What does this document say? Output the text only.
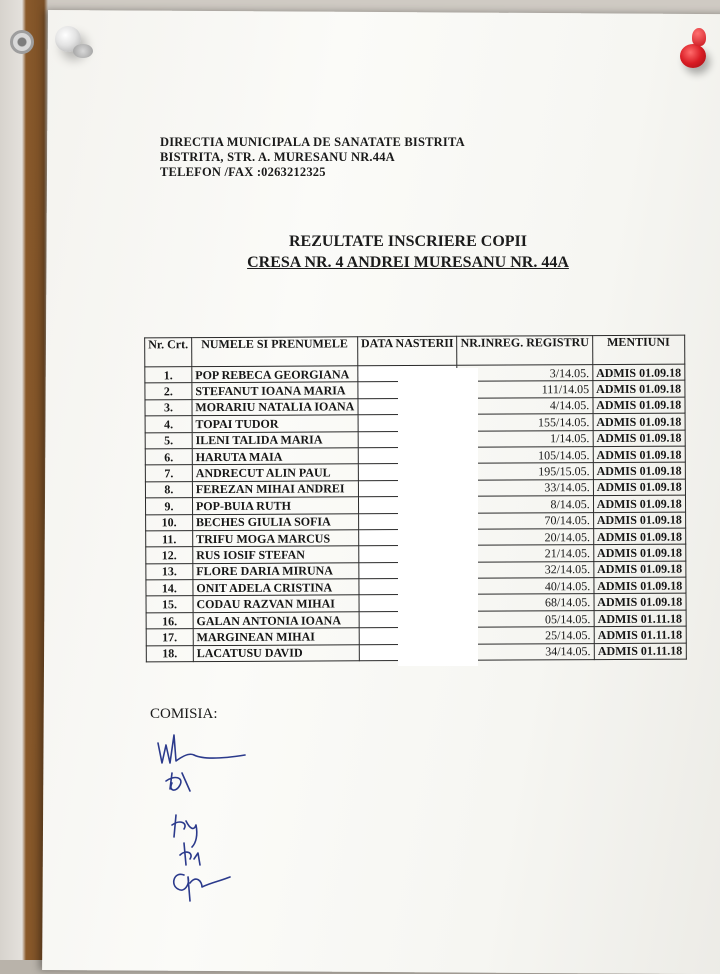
DIRECTIA MUNICIPALA DE SANATATE BISTRITA
BISTRITA, STR. A. MURESANU NR.44A
TELEFON /FAX :0263212325
REZULTATE INSCRIERE COPII
CRESA NR. 4 ANDREI MURESANU NR. 44A
Nr. Crt.	NUMELE SI PRENUMELE	DATA NASTERII	NR.INREG. REGISTRU	MENTIUNI
1.	POP REBECA GEORGIANA		3/14.05.	ADMIS 01.09.18
2.	STEFANUT IOANA MARIA		111/14.05	ADMIS 01.09.18
3.	MORARIU NATALIA IOANA		4/14.05.	ADMIS 01.09.18
4.	TOPAI TUDOR		155/14.05.	ADMIS 01.09.18
5.	ILENI TALIDA MARIA		1/14.05.	ADMIS 01.09.18
6.	HARUTA MAIA		105/14.05.	ADMIS 01.09.18
7.	ANDRECUT ALIN PAUL		195/15.05.	ADMIS 01.09.18
8.	FEREZAN MIHAI ANDREI		33/14.05.	ADMIS 01.09.18
9.	POP-BUIA RUTH		8/14.05.	ADMIS 01.09.18
10.	BECHES GIULIA SOFIA		70/14.05.	ADMIS 01.09.18
11.	TRIFU MOGA MARCUS		20/14.05.	ADMIS 01.09.18
12.	RUS IOSIF STEFAN		21/14.05.	ADMIS 01.09.18
13.	FLORE DARIA MIRUNA		32/14.05.	ADMIS 01.09.18
14.	ONIT ADELA CRISTINA		40/14.05.	ADMIS 01.09.18
15.	CODAU RAZVAN MIHAI		68/14.05.	ADMIS 01.09.18
16.	GALAN ANTONIA IOANA		05/14.05.	ADMIS 01.11.18
17.	MARGINEAN MIHAI		25/14.05.	ADMIS 01.11.18
18.	LACATUSU DAVID		34/14.05.	ADMIS 01.11.18
COMISIA:
